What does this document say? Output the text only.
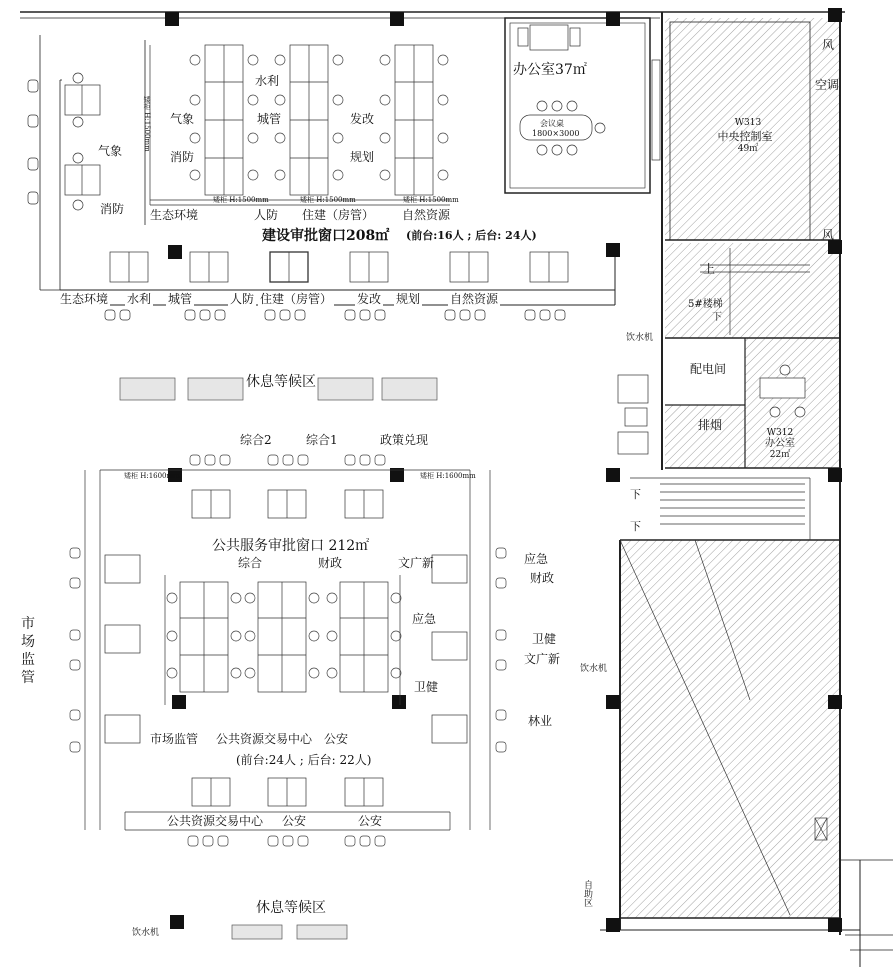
办公室37㎡
会议桌
1800×3000
风
空调
W313
中央控制室
49㎡
风
上
5#楼梯
下
饮水机
配电间
排烟
W312
办公室
22㎡
下
下
饮水机
自助区
水利
气象	城管	发改
消防	规划
生态环境	人防 住建（房管） 自然资源
气象
消防
矮柜 H:1500mm
矮柜 H:1500mm	矮柜 H:1500mm	矮柜 H:1500mm
建设审批窗口208㎡ (前台:16人 ; 后台: 24人)
生态环境 水利 城管	人防 住建（房管） 发改 规划 自然资源
休息等候区
综合2	综合1	政策兑现
矮柜 H:1600mm	矮柜 H:1600mm
公共服务审批窗口 212㎡
综合	财政	文广新	应急
财政
应急
卫健
文广新
卫健
林业
市
场
监
管
市场监管 公共资源交易中心 公安
(前台:24人 ; 后台: 22人)
公共资源交易中心 公安	公安
休息等候区
饮水机
